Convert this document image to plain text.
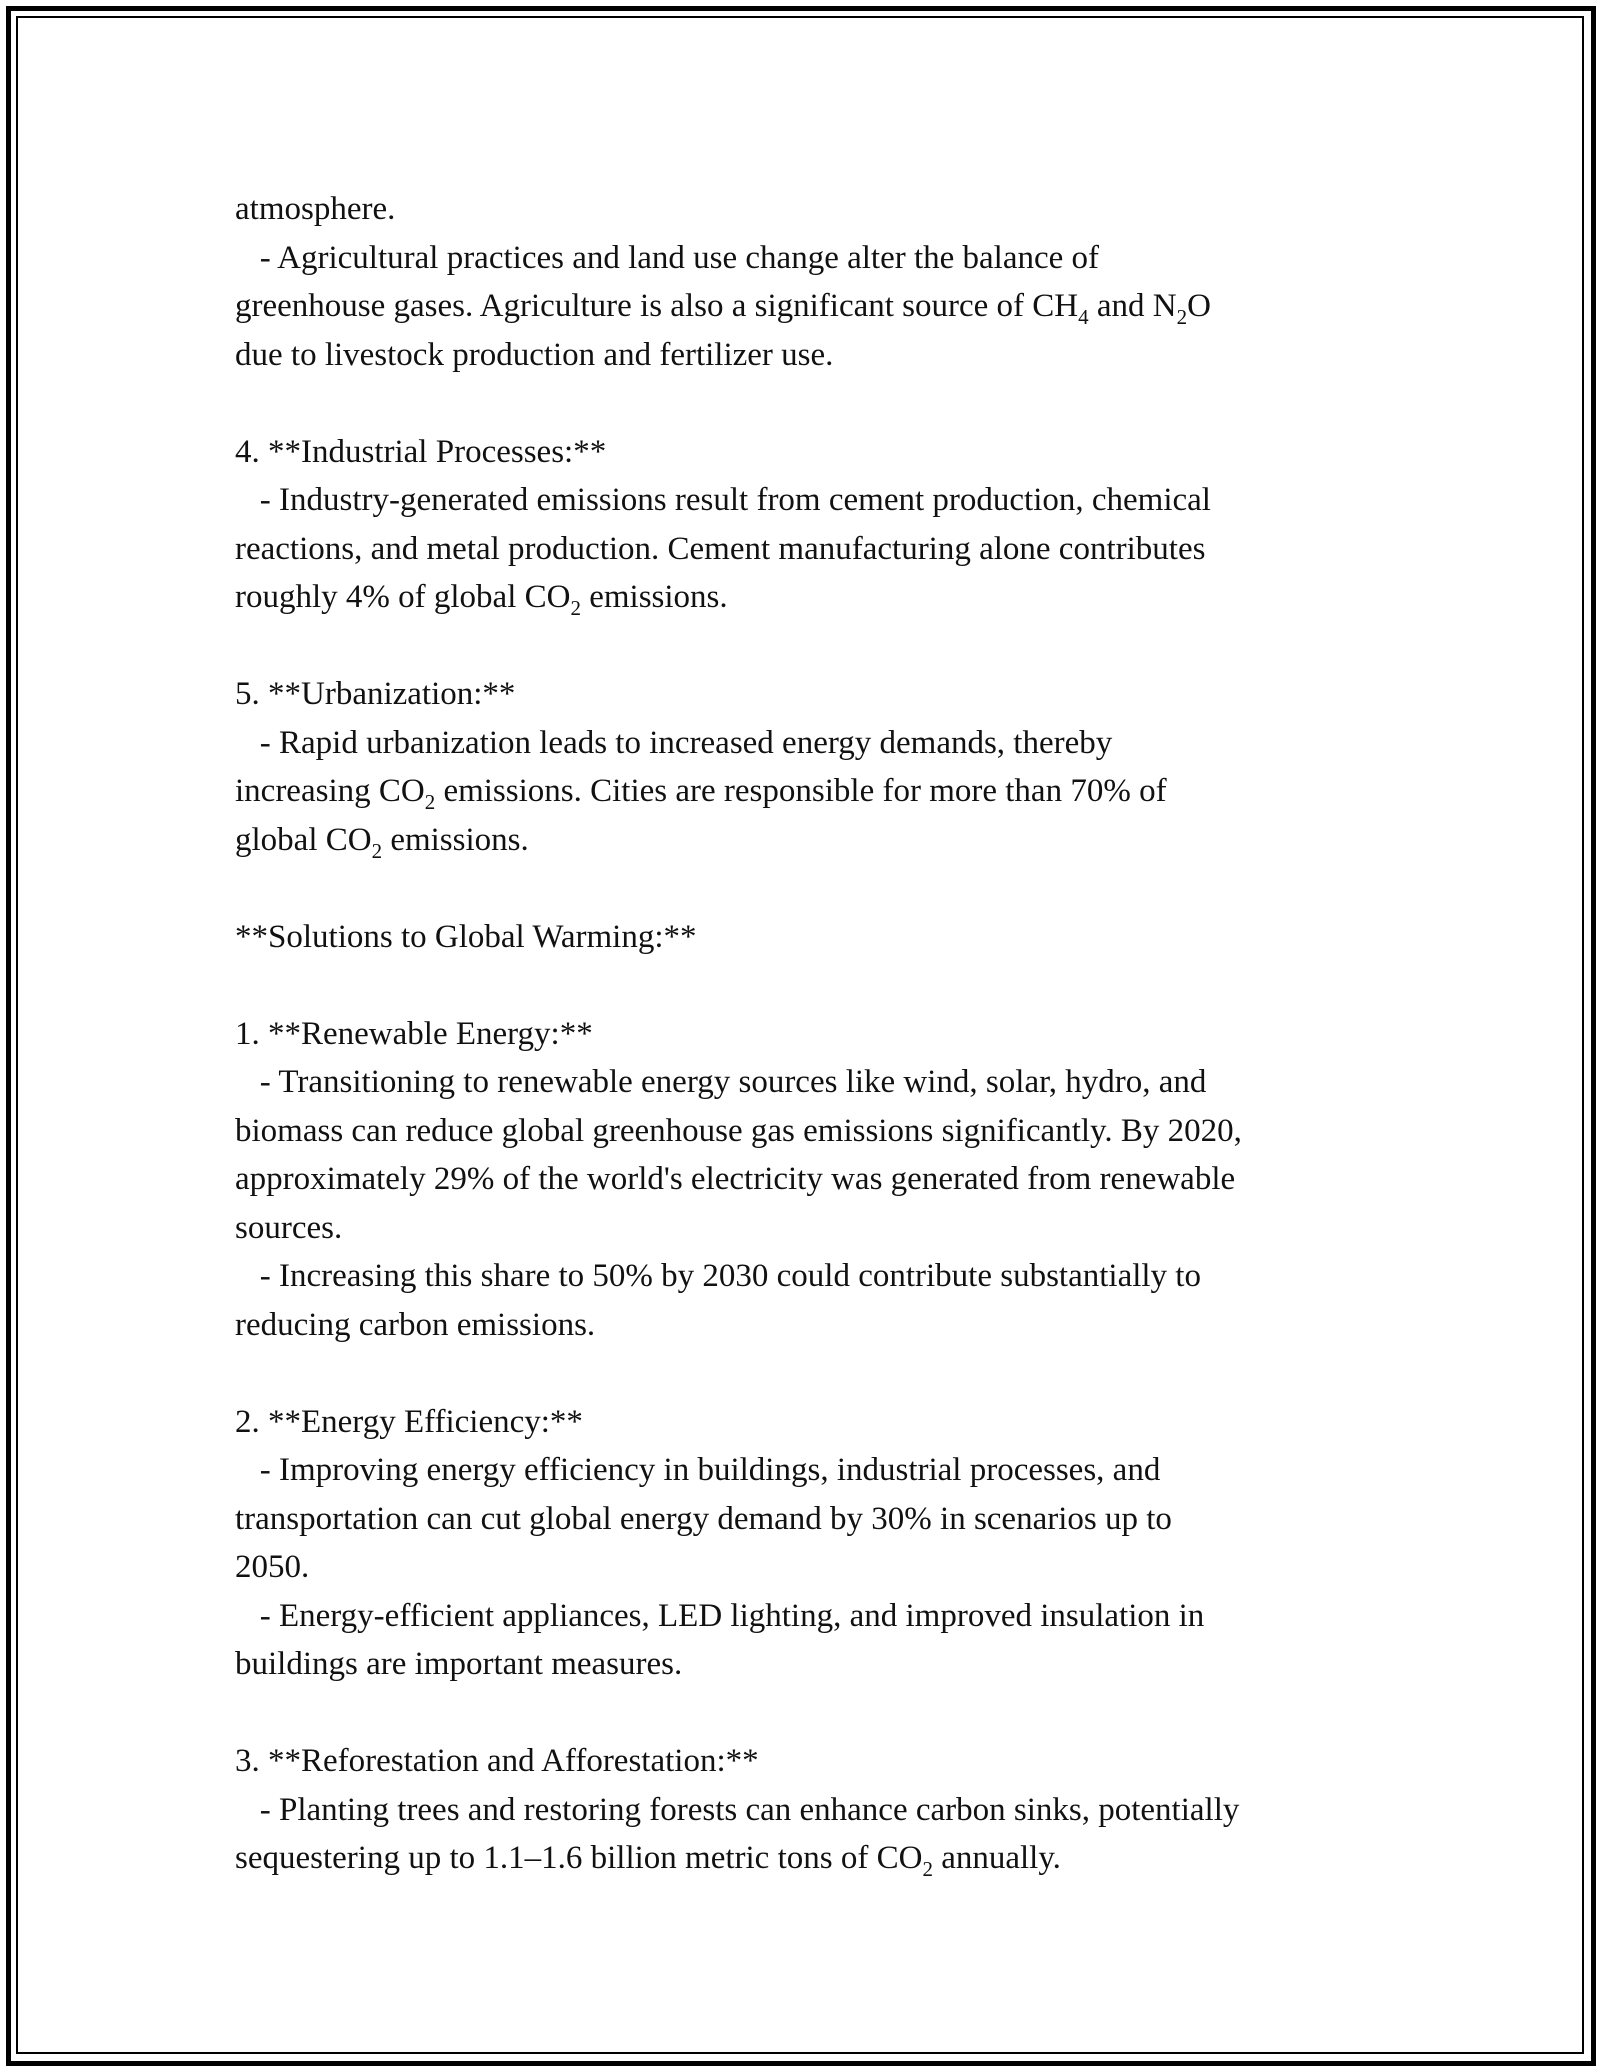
atmosphere.
- Agricultural practices and land use change alter the balance of
greenhouse gases. Agriculture is also a significant source of $CH_4$ and $N_2O$
due to livestock production and fertilizer use.
4. **Industrial Processes:**
- Industry-generated emissions result from cement production, chemical
reactions, and metal production. Cement manufacturing alone contributes
roughly 4% of global $CO_2$ emissions.
5. **Urbanization:**
- Rapid urbanization leads to increased energy demands, thereby
increasing $CO_2$ emissions. Cities are responsible for more than 70% of
global $CO_2$ emissions.
**Solutions to Global Warming:**
1. **Renewable Energy:**
- Transitioning to renewable energy sources like wind, solar, hydro, and
biomass can reduce global greenhouse gas emissions significantly. By 2020,
approximately 29% of the world's electricity was generated from renewable
sources.
- Increasing this share to 50% by 2030 could contribute substantially to
reducing carbon emissions.
2. **Energy Efficiency:**
- Improving energy efficiency in buildings, industrial processes, and
transportation can cut global energy demand by 30% in scenarios up to
2050.
- Energy-efficient appliances, LED lighting, and improved insulation in
buildings are important measures.
3. **Reforestation and Afforestation:**
- Planting trees and restoring forests can enhance carbon sinks, potentially
sequestering up to 1.1–1.6 billion metric tons of $CO_2$ annually.
